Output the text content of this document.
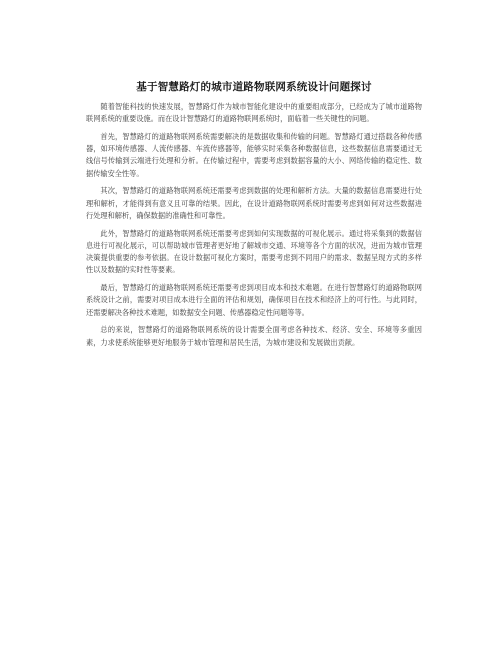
基于智慧路灯的城市道路物联网系统设计问题探讨

随着智能科技的快速发展，智慧路灯作为城市智能化建设中的重要组成部分，已经成为了城市道路物联网系统的重要设施。而在设计智慧路灯的道路物联网系统时，面临着一些关键性的问题。

首先，智慧路灯的道路物联网系统需要解决的是数据收集和传输的问题。智慧路灯通过搭载各种传感器，如环境传感器、人流传感器、车流传感器等，能够实时采集各种数据信息，这些数据信息需要通过无线信号传输到云端进行处理和分析。在传输过程中，需要考虑到数据容量的大小、网络传输的稳定性、数据传输安全性等。

其次，智慧路灯的道路物联网系统还需要考虑到数据的处理和解析方法。大量的数据信息需要进行处理和解析，才能得到有意义且可靠的结果。因此，在设计道路物联网系统时需要考虑到如何对这些数据进行处理和解析，确保数据的准确性和可靠性。

此外，智慧路灯的道路物联网系统还需要考虑到如何实现数据的可视化展示。通过将采集到的数据信息进行可视化展示，可以帮助城市管理者更好地了解城市交通、环境等各个方面的状况，进而为城市管理决策提供重要的参考依据。在设计数据可视化方案时，需要考虑到不同用户的需求、数据呈现方式的多样性以及数据的实时性等要素。

最后，智慧路灯的道路物联网系统还需要考虑到项目成本和技术难题。在进行智慧路灯的道路物联网系统设计之前，需要对项目成本进行全面的评估和规划，确保项目在技术和经济上的可行性。与此同时，还需要解决各种技术难题，如数据安全问题、传感器稳定性问题等等。

总的来说，智慧路灯的道路物联网系统的设计需要全面考虑各种技术、经济、安全、环境等多重因素，力求使系统能够更好地服务于城市管理和居民生活，为城市建设和发展做出贡献。
